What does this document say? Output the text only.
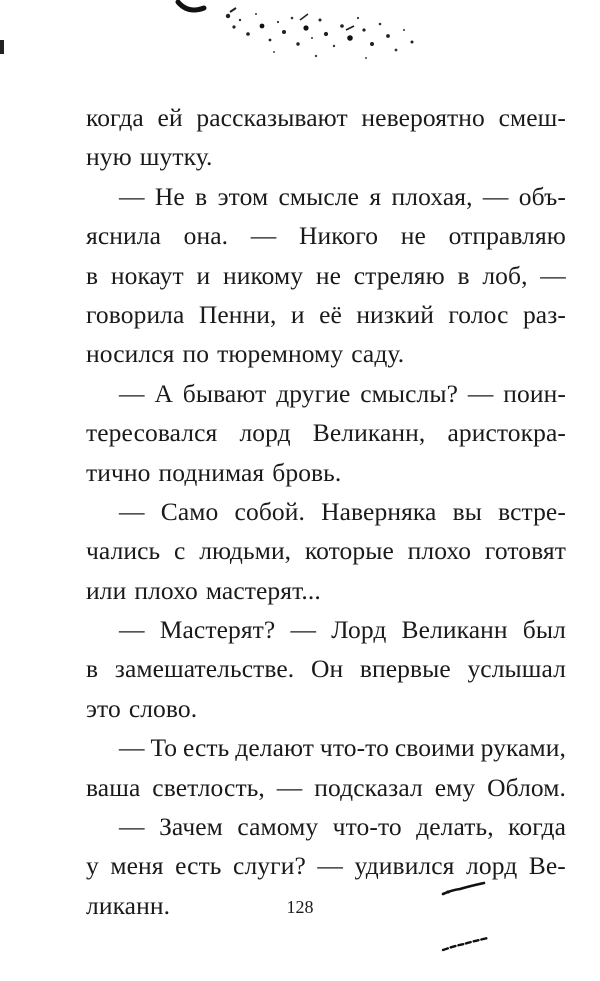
когда ей рассказывают невероятно смеш-
ную шутку.
— Не в этом смысле я плохая, — объ-
яснила она. — Никого не отправляю
в нокаут и никому не стреляю в лоб, —
говорила Пенни, и её низкий голос раз-
носился по тюремному саду.
— А бывают другие смыслы? — поин-
тересовался лорд Великанн, аристокра-
тично поднимая бровь.
— Само собой. Наверняка вы встре-
чались с людьми, которые плохо готовят
или плохо мастерят...
— Мастерят? — Лорд Великанн был
в замешательстве. Он впервые услышал
это слово.
— То есть делают что-то своими руками,
ваша светлость, — подсказал ему Облом.
— Зачем самому что-то делать, когда
у меня есть слуги? — удивился лорд Ве-
ликанн.	128
